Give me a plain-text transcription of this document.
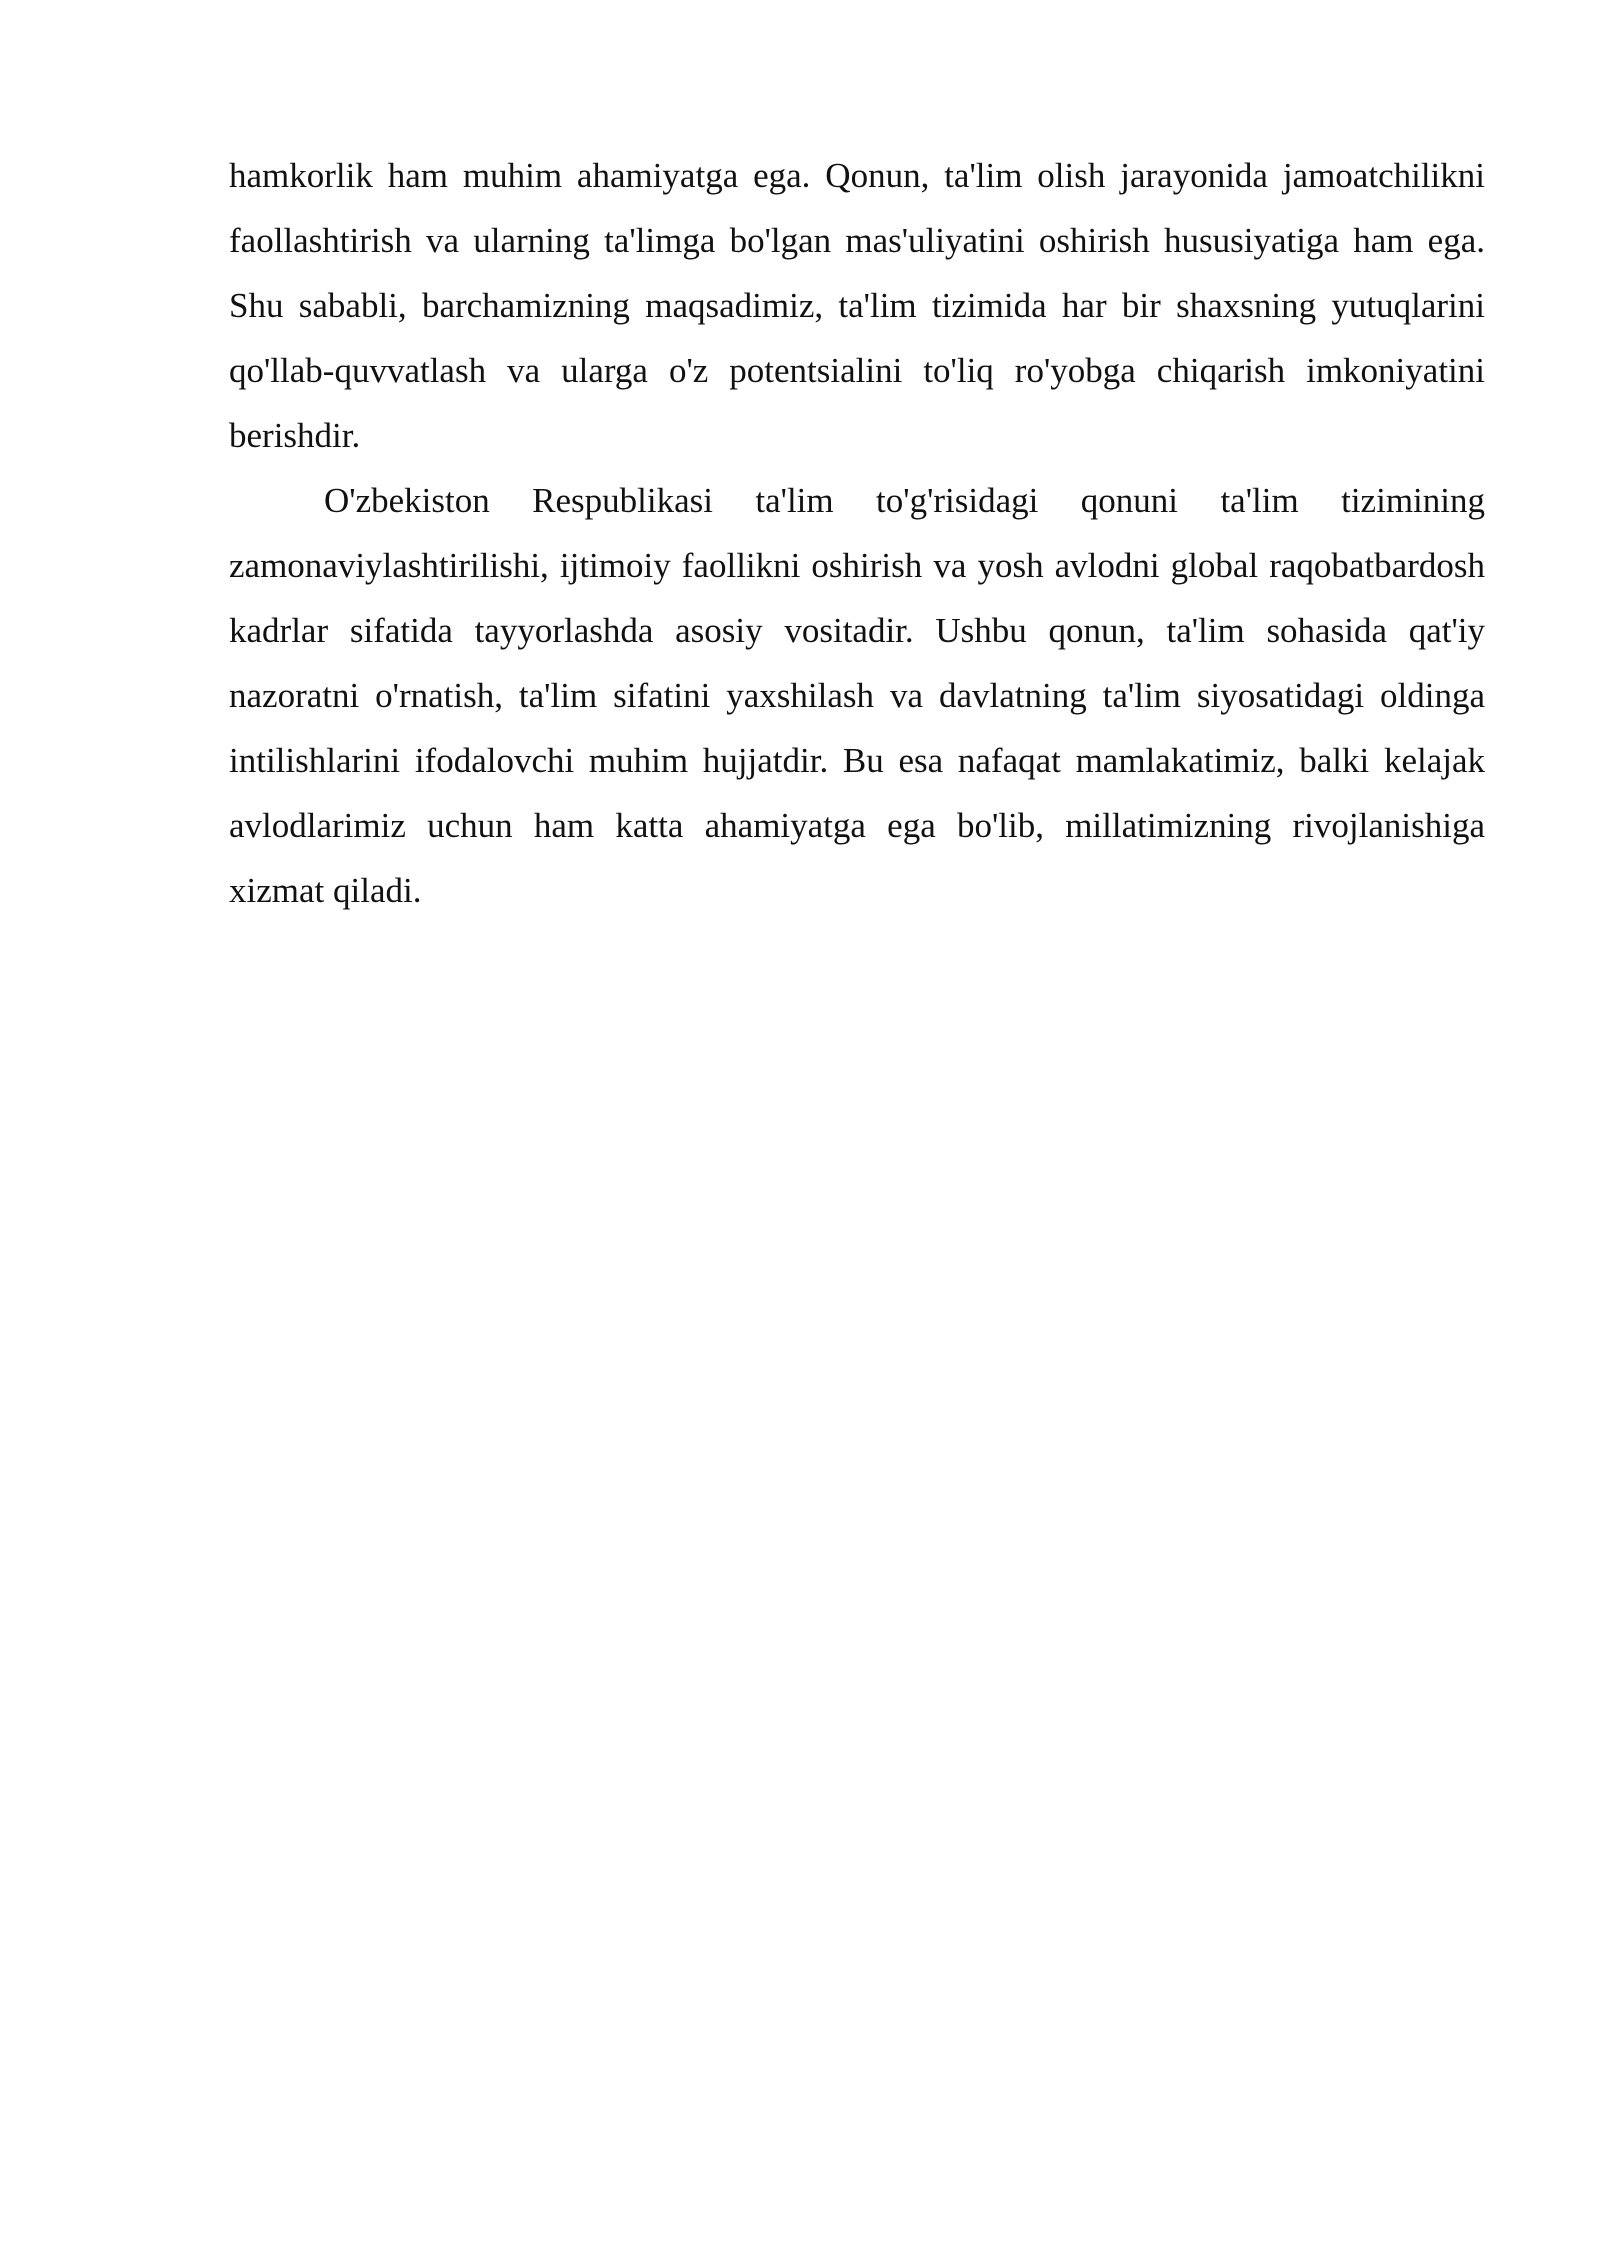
hamkorlik ham muhim ahamiyatga ega. Qonun, ta'lim olish jarayonida jamoatchilikni faollashtirish va ularning ta'limga bo'lgan mas'uliyatini oshirish hususiyatiga ham ega. Shu sababli, barchamizning maqsadimiz, ta'lim tizimida har bir shaxsning yutuqlarini qo'llab-quvvatlash va ularga o'z potentsialini to'liq ro'yobga chiqarish imkoniyatini berishdir.

O'zbekiston Respublikasi ta'lim to'g'risidagi qonuni ta'lim tizimining zamonaviylashtirilishi, ijtimoiy faollikni oshirish va yosh avlodni global raqobatbardosh kadrlar sifatida tayyorlashda asosiy vositadir. Ushbu qonun, ta'lim sohasida qat'iy nazoratni o'rnatish, ta'lim sifatini yaxshilash va davlatning ta'lim siyosatidagi oldinga intilishlarini ifodalovchi muhim hujjatdir. Bu esa nafaqat mamlakatimiz, balki kelajak avlodlarimiz uchun ham katta ahamiyatga ega bo'lib, millatimizning rivojlanishiga xizmat qiladi.
